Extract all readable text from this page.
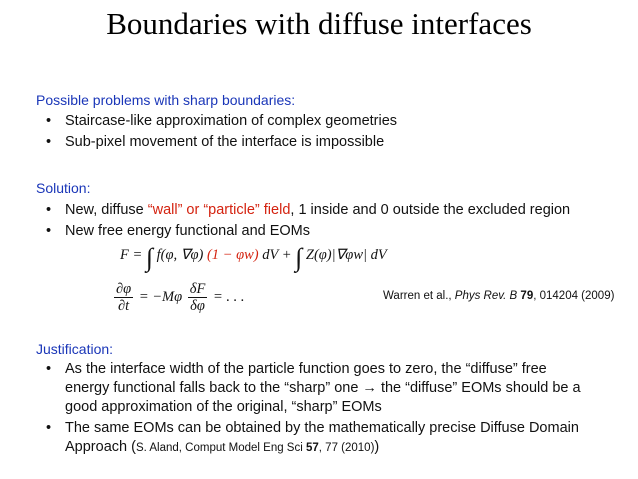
Boundaries with diffuse interfaces
Possible problems with sharp boundaries:
• Staircase-like approximation of complex geometries
• Sub-pixel movement of the interface is impossible
Solution:
• New, diffuse “wall” or “particle” field, 1 inside and 0 outside the excluded region
• New free energy functional and EOMs
F = ∫ f(φ, ∇φ) (1 − φw) dV + ∫ Z(φ)|∇φw| dV
$\frac{\partial\varphi}{\partial t} = -M\varphi \frac{\delta F}{\delta\varphi}$ = . . .	Warren et al., Phys Rev. B 79, 014204 (2009)
Justification:
• As the interface width of the particle function goes to zero, the “diffuse” free
energy functional falls back to the “sharp” one → the “diffuse” EOMs should be a
good approximation of the original, “sharp” EOMs
• The same EOMs can be obtained by the mathematically precise Diffuse Domain
Approach (S. Aland, Comput Model Eng Sci 57, 77 (2010))
